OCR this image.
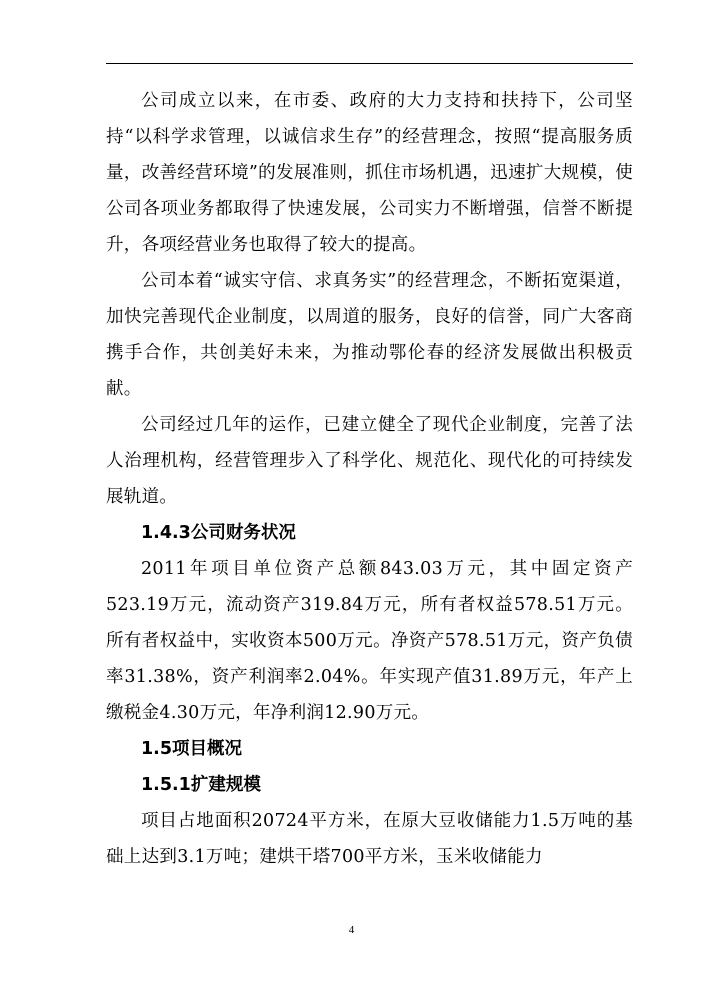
公司成立以来，在市委、政府的大力支持和扶持下，公司坚持“以科学求管理，以诚信求生存”的经营理念，按照“提高服务质量，改善经营环境”的发展准则，抓住市场机遇，迅速扩大规模，使公司各项业务都取得了快速发展，公司实力不断增强，信誉不断提升，各项经营业务也取得了较大的提高。

公司本着“诚实守信、求真务实”的经营理念，不断拓宽渠道，加快完善现代企业制度，以周道的服务，良好的信誉，同广大客商携手合作，共创美好未来，为推动鄂伦春的经济发展做出积极贡献。

公司经过几年的运作，已建立健全了现代企业制度，完善了法人治理机构，经营管理步入了科学化、规范化、现代化的可持续发展轨道。

1.4.3公司财务状况

2011年项目单位资产总额843.03万元，其中固定资产523.19万元，流动资产319.84万元，所有者权益578.51万元。所有者权益中，实收资本500万元。净资产578.51万元，资产负债率31.38%，资产利润率2.04%。年实现产值31.89万元，年产上缴税金4.30万元，年净利润12.90万元。

1.5项目概况

1.5.1扩建规模

项目占地面积20724平方米，在原大豆收储能力1.5万吨的基础上达到3.1万吨；建烘干塔700平方米，玉米收储能力

4
